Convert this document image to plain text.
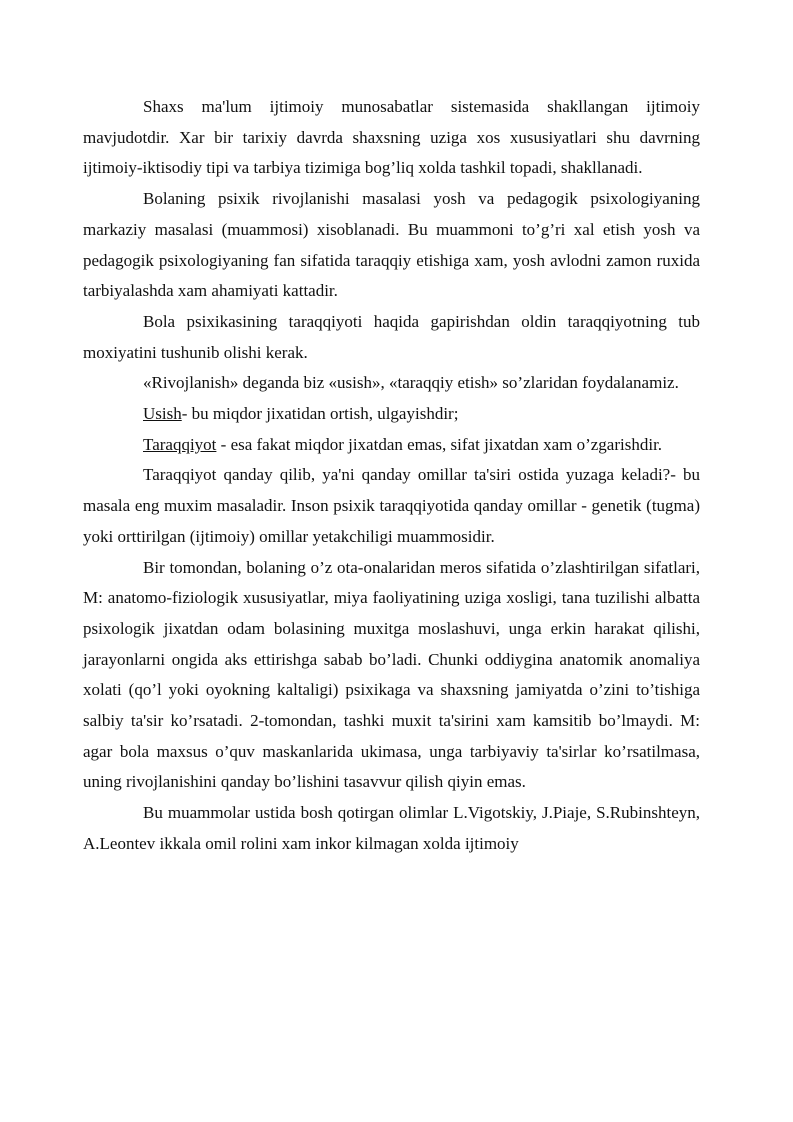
Shaxs ma'lum ijtimoiy munosabatlar sistemasida shakllangan ijtimoiy mavjudotdir. Xar bir tarixiy davrda shaxsning uziga xos xususiyatlari shu davrning ijtimoiy-iktisodiy tipi va tarbiya tizimiga bog’liq xolda tashkil topadi, shakllanadi.

Bolaning psixik rivojlanishi masalasi yosh va pedagogik psixologiyaning markaziy masalasi (muammosi) xisoblanadi. Bu muammoni to’g’ri xal etish yosh va pedagogik psixologiyaning fan sifatida taraqqiy etishiga xam, yosh avlodni zamon ruxida tarbiyalashda xam ahamiyati kattadir.

Bola psixikasining taraqqiyoti haqida gapirishdan oldin taraqqiyotning tub moxiyatini tushunib olishi kerak.

«Rivojlanish» deganda biz «usish», «taraqqiy etish» so’zlaridan foydalanamiz.

Usish- bu miqdor jixatidan ortish, ulgayishdir;

Taraqqiyot - esa fakat miqdor jixatdan emas, sifat jixatdan xam o’zgarishdir.

Taraqqiyot qanday qilib, ya'ni qanday omillar ta'siri ostida yuzaga keladi?- bu masala eng muxim masaladir. Inson psixik taraqqiyotida qanday omillar - genetik (tugma) yoki orttirilgan (ijtimoiy) omillar yetakchiligi muammosidir.

Bir tomondan, bolaning o’z ota-onalaridan meros sifatida o’zlashtirilgan sifatlari, M: anatomo-fiziologik xususiyatlar, miya faoliyatining uziga xosligi, tana tuzilishi albatta psixologik jixatdan odam bolasining muxitga moslashuvi, unga erkin harakat qilishi, jarayonlarni ongida aks ettirishga sabab bo’ladi. Chunki oddiygina anatomik anomaliya xolati (qo’l yoki oyokning kaltaligi) psixikaga va shaxsning jamiyatda o’zini to’tishiga salbiy ta'sir ko’rsatadi. 2-tomondan, tashki muxit ta'sirini xam kamsitib bo’lmaydi. M: agar bola maxsus o’quv maskanlarida ukimasa, unga tarbiyaviy ta'sirlar ko’rsatilmasa, uning rivojlanishini qanday bo’lishini tasavvur qilish qiyin emas.

Bu muammolar ustida bosh qotirgan olimlar L.Vigotskiy, J.Piaje, S.Rubinshteyn, A.Leontev ikkala omil rolini xam inkor kilmagan xolda ijtimoiy
